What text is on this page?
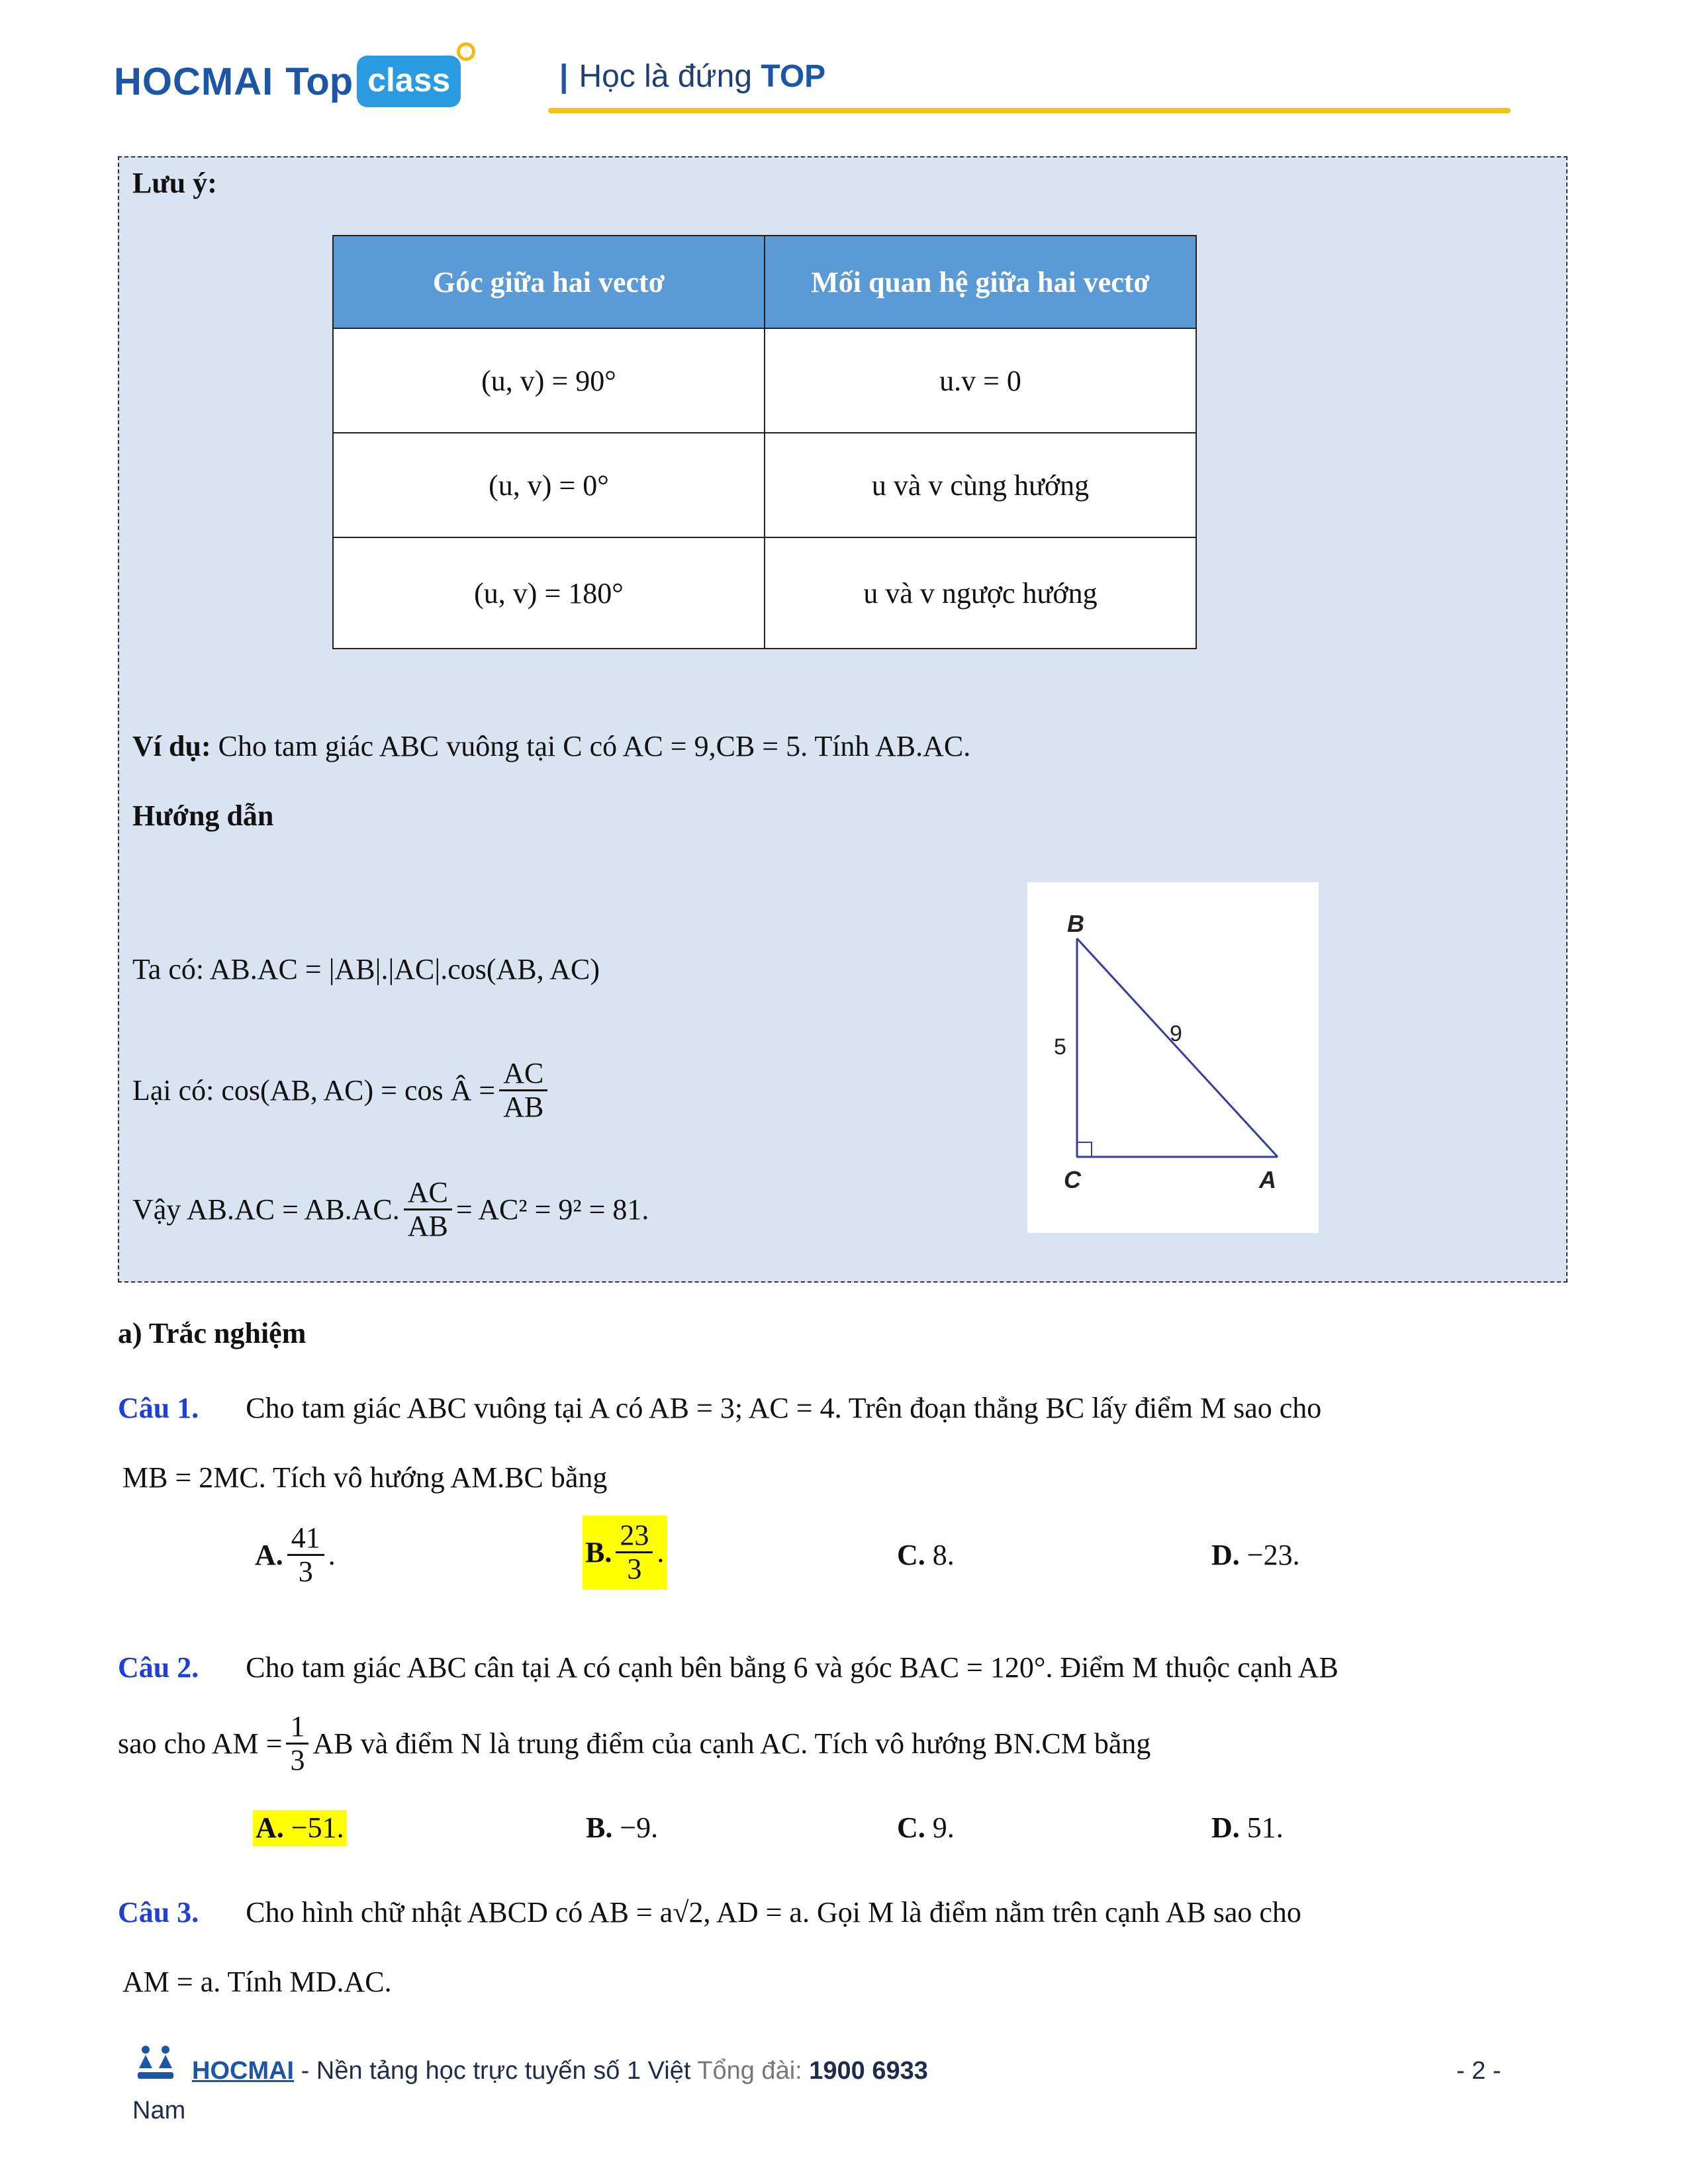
HOCMAI Top class	| Học là đứng TOP
Lưu ý:
Góc giữa hai vectơ	Mối quan hệ giữa hai vectơ
(u, v) = 90°	u.v = 0
(u, v) = 0°	u và v cùng hướng
(u, v) = 180°	u và v ngược hướng
Ví dụ: Cho tam giác ABC vuông tại C có AC = 9,CB = 5. Tính AB.AC.
Hướng dẫn
Ta có: AB.AC = |AB|.|AC|.cos(AB, AC)
Lại có: cos(AB, AC) = cos Â = $\frac{AC}{AB}$
Vậy AB.AC = AB.AC. $\frac{AC}{AB} = AC^2 = 9^2 = 81$.
B
C	A
5
9
a) Trắc nghiệm
Câu 1. Cho tam giác ABC vuông tại A có AB = 3; AC = 4. Trên đoạn thẳng BC lấy điểm M sao cho
MB = 2MC. Tích vô hướng AM.BC bằng
A. $\frac{41}{3}$ .	B. $\frac{23}{3}$ .	C. 8.	D. −23.
Câu 2. Cho tam giác ABC cân tại A có cạnh bên bằng 6 và góc BAC = 120°. Điểm M thuộc cạnh AB
sao cho AM = $\frac{1}{3}$ AB và điểm N là trung điểm của cạnh AC. Tích vô hướng BN.CM bằng
A. −51.	B. −9.	C. 9.	D. 51.
Câu 3. Cho hình chữ nhật ABCD có AB = a√2, AD = a. Gọi M là điểm nằm trên cạnh AB sao cho
AM = a. Tính MD.AC.
HOCMAI - Nền tảng học trực tuyến số 1 Việt Tổng đài: 1900 6933	- 2 -
Nam
